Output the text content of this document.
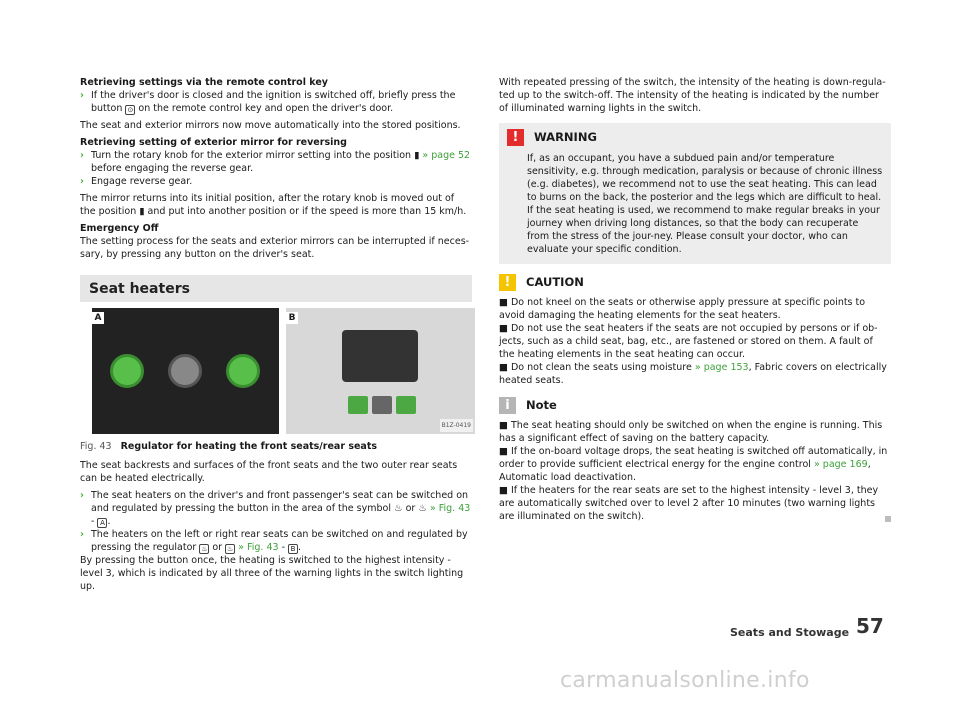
Retrieving settings via the remote control key
› If the driver's door is closed and the ignition is switched off, briefly press the button ⊙ on the remote control key and open the driver's door.
The seat and exterior mirrors now move automatically into the stored positions.
Retrieving setting of exterior mirror for reversing
› Turn the rotary knob for the exterior mirror setting into the position ▮ » page 52 before engaging the reverse gear.
› Engage reverse gear.
The mirror returns into its initial position, after the rotary knob is moved out of the position ▮ and put into another position or if the speed is more than 15 km/h.
Emergency Off
The setting process for the seats and exterior mirrors can be interrupted if neces-sary, by pressing any button on the driver's seat.
Seat heaters
A	B
B1Z-0419
Fig. 43 Regulator for heating the front seats/rear seats
The seat backrests and surfaces of the front seats and the two outer rear seats can be heated electrically.
› The seat heaters on the driver's and front passenger's seat can be switched on and regulated by pressing the button in the area of the symbol ♨ or ♨ » Fig. 43 - A .
› The heaters on the left or right rear seats can be switched on and regulated by pressing the regulator ♨ or ♨ » Fig. 43 - B .
By pressing the button once, the heating is switched to the highest intensity - level 3, which is indicated by all three of the warning lights in the switch lighting up.
With repeated pressing of the switch, the intensity of the heating is down-regula-ted up to the switch-off. The intensity of the heating is indicated by the number of illuminated warning lights in the switch.
!	WARNING
If, as an occupant, you have a subdued pain and/or temperature sensitivity, e.g. through medication, paralysis or because of chronic illness (e.g. diabetes), we recommend not to use the seat heating. This can lead to burns on the back, the posterior and the legs which are difficult to heal. If the seat heating is used, we recommend to make regular breaks in your journey when driving long distances, so that the body can recuperate from the stress of the jour-ney. Please consult your doctor, who can evaluate your specific condition.
!	CAUTION
■ Do not kneel on the seats or otherwise apply pressure at specific points to avoid damaging the heating elements for the seat heaters.
■ Do not use the seat heaters if the seats are not occupied by persons or if ob-jects, such as a child seat, bag, etc., are fastened or stored on them. A fault of the heating elements in the seat heating can occur.
■ Do not clean the seats using moisture » page 153, Fabric covers on electrically heated seats.
i	Note
■ The seat heating should only be switched on when the engine is running. This has a significant effect of saving on the battery capacity.
■ If the on-board voltage drops, the seat heating is switched off automatically, in order to provide sufficient electrical energy for the engine control » page 169, Automatic load deactivation.
■ If the heaters for the rear seats are set to the highest intensity - level 3, they are automatically switched over to level 2 after 10 minutes (two warning lights are illuminated on the switch).
Seats and Stowage 57
carmanualsonline.info
